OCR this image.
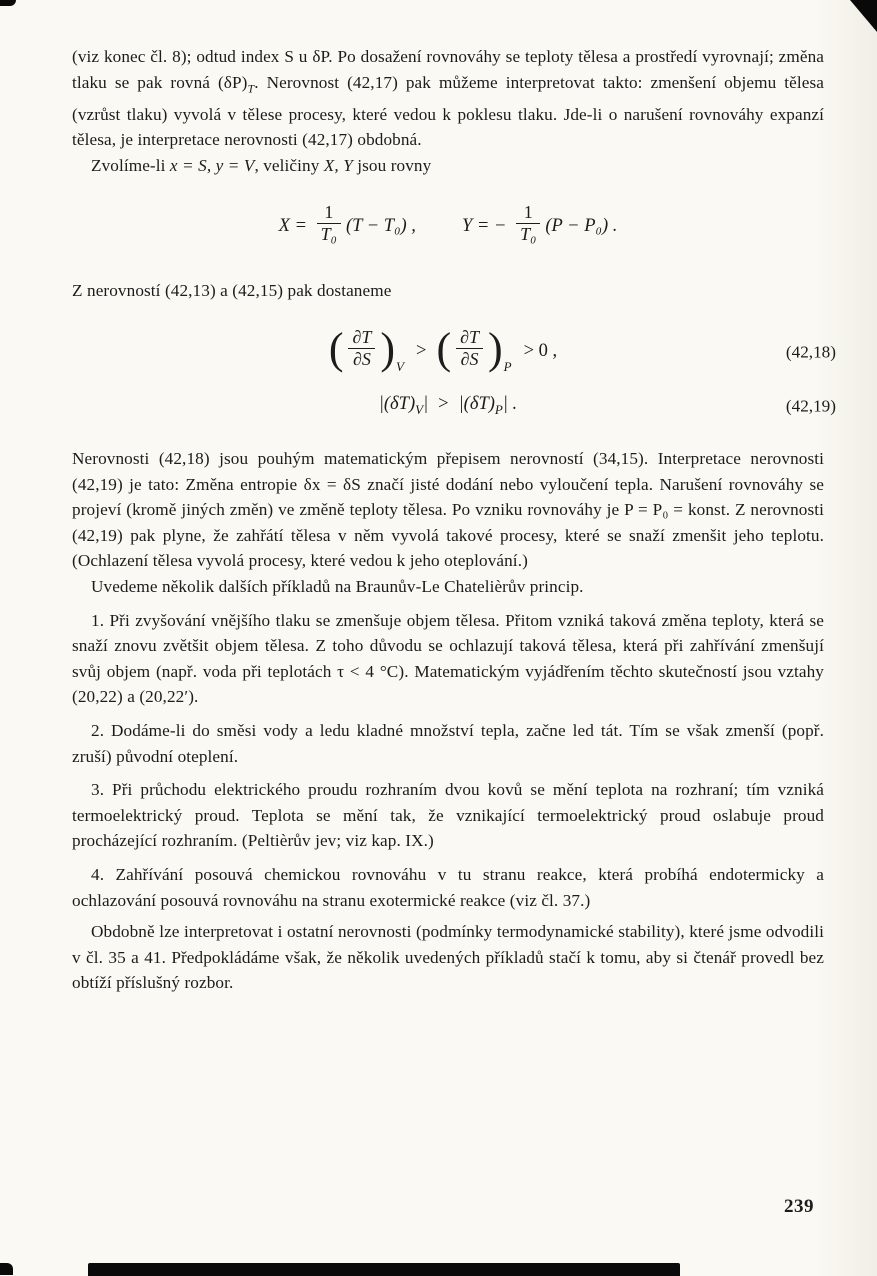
(viz konec čl. 8); odtud index S u δP. Po dosažení rovnováhy se teploty tělesa a prostředí vyrovnají; změna tlaku se pak rovná $(\delta P)_T$. Nerovnost (42,17) pak můžeme interpretovat takto: zmenšení objemu tělesa (vzrůst tlaku) vyvolá v tělese procesy, které vedou k poklesu tlaku. Jde-li o narušení rovnováhy expanzí tělesa, je interpretace nerovnosti (42,17) obdobná.

Zvolíme-li x = S, y = V, veličiny X, Y jsou rovny

$X = \frac{1}{\text{T₀}} (T - T_0)$ , Y = − $\frac{1}{\text{T₀}} (P - P_0)$ .

Z nerovností (42,13) a (42,15) pak dostaneme

( $\frac{\partial T}{\partial S} )V>$ ( $\frac{\partial T}{\partial S} )P> 0$ ,	(42,18)
$|(\delta T)_V| > |(\delta T)_P|$ .	(42,19)

Nerovnosti (42,18) jsou pouhým matematickým přepisem nerovností (34,15). Interpretace nerovnosti (42,19) je tato: Změna entropie δx = δS značí jisté dodání nebo vyloučení tepla. Narušení rovnováhy se projeví (kromě jiných změn) ve změně teploty tělesa. Po vzniku rovnováhy je P = P₀ = konst. Z nerovnosti (42,19) pak plyne, že zahřátí tělesa v něm vyvolá takové procesy, které se snaží zmenšit jeho teplotu. (Ochlazení tělesa vyvolá procesy, které vedou k jeho oteplování.)

Uvedeme několik dalších příkladů na Braunův-Le Chatelièrův princip.

1. Při zvyšování vnějšího tlaku se zmenšuje objem tělesa. Přitom vzniká taková změna teploty, která se snaží znovu zvětšit objem tělesa. Z toho důvodu se ochlazují taková tělesa, která při zahřívání zmenšují svůj objem (např. voda při teplotách τ < 4 °C). Matematickým vyjádřením těchto skutečností jsou vztahy (20,22) a (20,22′).

2. Dodáme-li do směsi vody a ledu kladné množství tepla, začne led tát. Tím se však zmenší (popř. zruší) původní oteplení.

3. Při průchodu elektrického proudu rozhraním dvou kovů se mění teplota na rozhraní; tím vzniká termoelektrický proud. Teplota se mění tak, že vznikající termoelektrický proud oslabuje proud procházející rozhraním. (Peltièrův jev; viz kap. IX.)

4. Zahřívání posouvá chemickou rovnováhu v tu stranu reakce, která probíhá endotermicky a ochlazování posouvá rovnováhu na stranu exotermické reakce (viz čl. 37.)

Obdobně lze interpretovat i ostatní nerovnosti (podmínky termodynamické stability), které jsme odvodili v čl. 35 a 41. Předpokládáme však, že několik uvedených příkladů stačí k tomu, aby si čtenář provedl bez obtíží příslušný rozbor.

239
